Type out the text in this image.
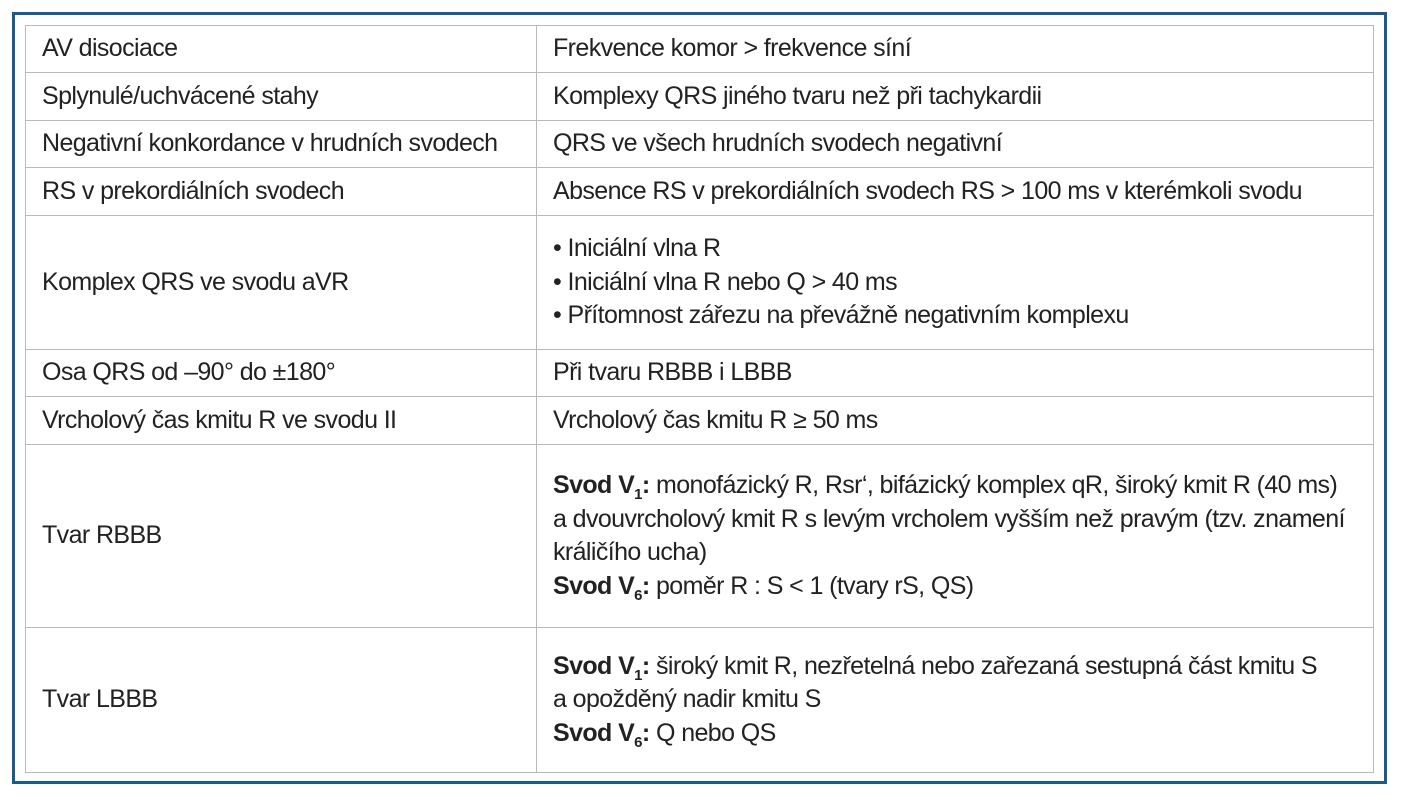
AV disociace	Frekvence komor > frekvence síní
Splynulé/uchvácené stahy	Komplexy QRS jiného tvaru než při tachykardii
Negativní konkordance v hrudních svodech	QRS ve všech hrudních svodech negativní
RS v prekordiálních svodech	Absence RS v prekordiálních svodech RS > 100 ms v kterémkoli svodu
Komplex QRS ve svodu aVR	• Iniciální vlna R
• Iniciální vlna R nebo Q > 40 ms
• Přítomnost zářezu na převážně negativním komplexu

Osa QRS od –90° do ±180°	Při tvaru RBBB i LBBB
Vrcholový čas kmitu R ve svodu II	Vrcholový čas kmitu R ≥ 50 ms
Tvar RBBB	Svod $V_1$: monofázický R, Rsr‘, bifázický komplex qR, široký kmit R (40 ms)
a dvouvrcholový kmit R s levým vrcholem vyšším než pravým (tzv. znamení
králičího ucha)
Svod $V_6$: poměr R : S < 1 (tvary rS, QS)

Tvar LBBB	Svod $V_1$: široký kmit R, nezřetelná nebo zařezaná sestupná část kmitu S
a opožděný nadir kmitu S
Svod $V_6$: Q nebo QS
